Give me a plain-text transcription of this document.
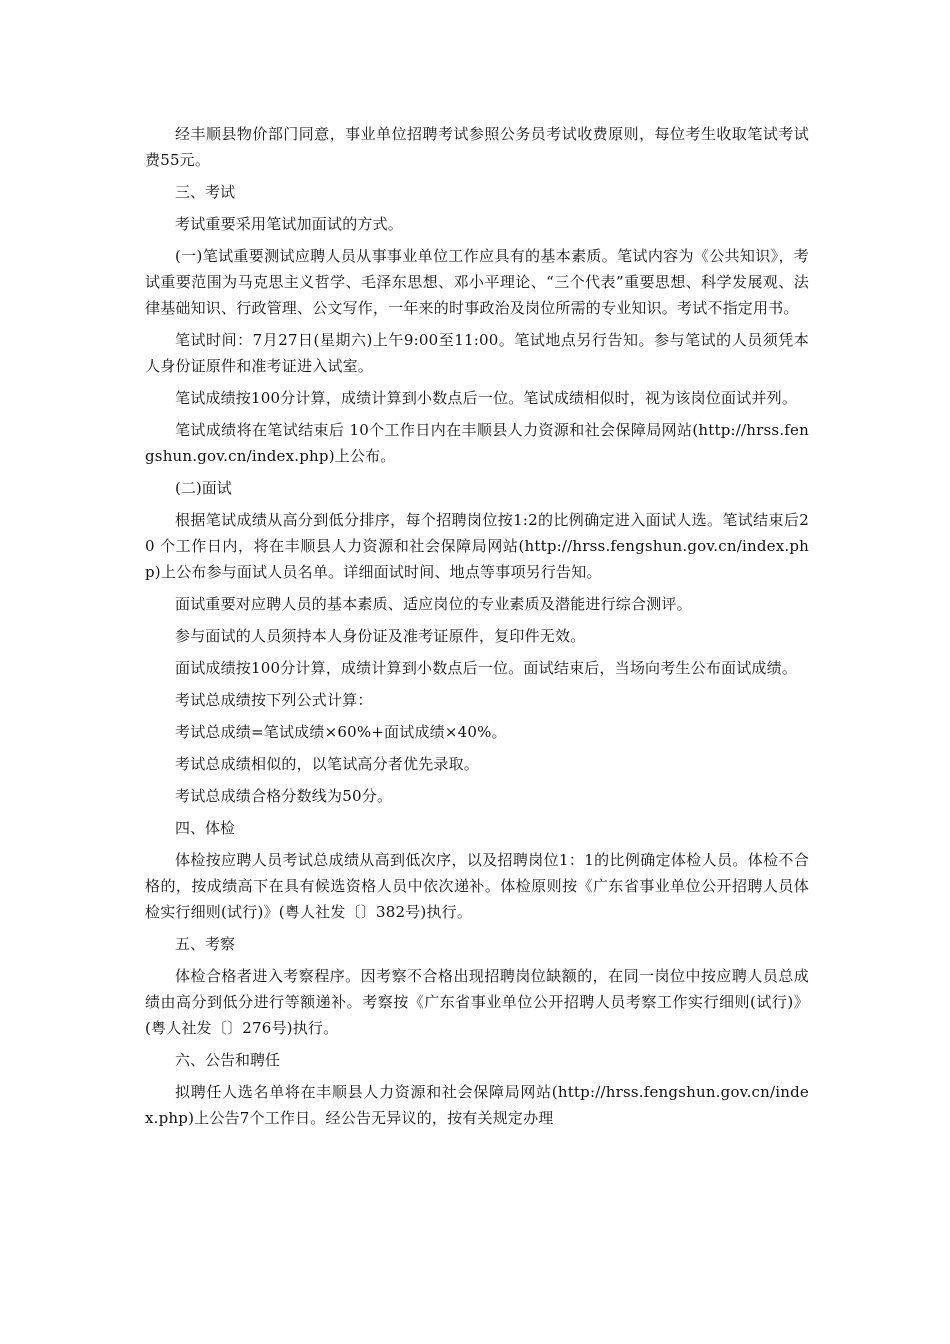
经丰顺县物价部门同意，事业单位招聘考试参照公务员考试收费原则，每位考生收取笔试考试费55元。

三、考试

考试重要采用笔试加面试的方式。

(一)笔试重要测试应聘人员从事事业单位工作应具有的基本素质。笔试内容为《公共知识》，考试重要范围为马克思主义哲学、毛泽东思想、邓小平理论、“三个代表”重要思想、科学发展观、法律基础知识、行政管理、公文写作，一年来的时事政治及岗位所需的专业知识。考试不指定用书。

笔试时间：7月27日(星期六)上午9:00至11:00。笔试地点另行告知。参与笔试的人员须凭本人身份证原件和准考证进入试室。

笔试成绩按100分计算，成绩计算到小数点后一位。笔试成绩相似时，视为该岗位面试并列。

笔试成绩将在笔试结束后 10个工作日内在丰顺县人力资源和社会保障局网站(http://hrss.fengshun.gov.cn/index.php)上公布。

(二)面试

根据笔试成绩从高分到低分排序，每个招聘岗位按1:2的比例确定进入面试人选。笔试结束后20 个工作日内，将在丰顺县人力资源和社会保障局网站(http://hrss.fengshun.gov.cn/index.php)上公布参与面试人员名单。详细面试时间、地点等事项另行告知。

面试重要对应聘人员的基本素质、适应岗位的专业素质及潜能进行综合测评。

参与面试的人员须持本人身份证及准考证原件，复印件无效。

面试成绩按100分计算，成绩计算到小数点后一位。面试结束后，当场向考生公布面试成绩。

考试总成绩按下列公式计算：

考试总成绩=笔试成绩×60%+面试成绩×40%。

考试总成绩相似的，以笔试高分者优先录取。

考试总成绩合格分数线为50分。

四、体检

体检按应聘人员考试总成绩从高到低次序，以及招聘岗位1：1的比例确定体检人员。体检不合格的，按成绩高下在具有候选资格人员中依次递补。体检原则按《广东省事业单位公开招聘人员体检实行细则(试行)》(粤人社发〔〕382号)执行。

五、考察

体检合格者进入考察程序。因考察不合格出现招聘岗位缺额的，在同一岗位中按应聘人员总成绩由高分到低分进行等额递补。考察按《广东省事业单位公开招聘人员考察工作实行细则(试行)》(粤人社发〔〕276号)执行。

六、公告和聘任

拟聘任人选名单将在丰顺县人力资源和社会保障局网站(http://hrss.fengshun.gov.cn/index.php)上公告7个工作日。经公告无异议的，按有关规定办理
